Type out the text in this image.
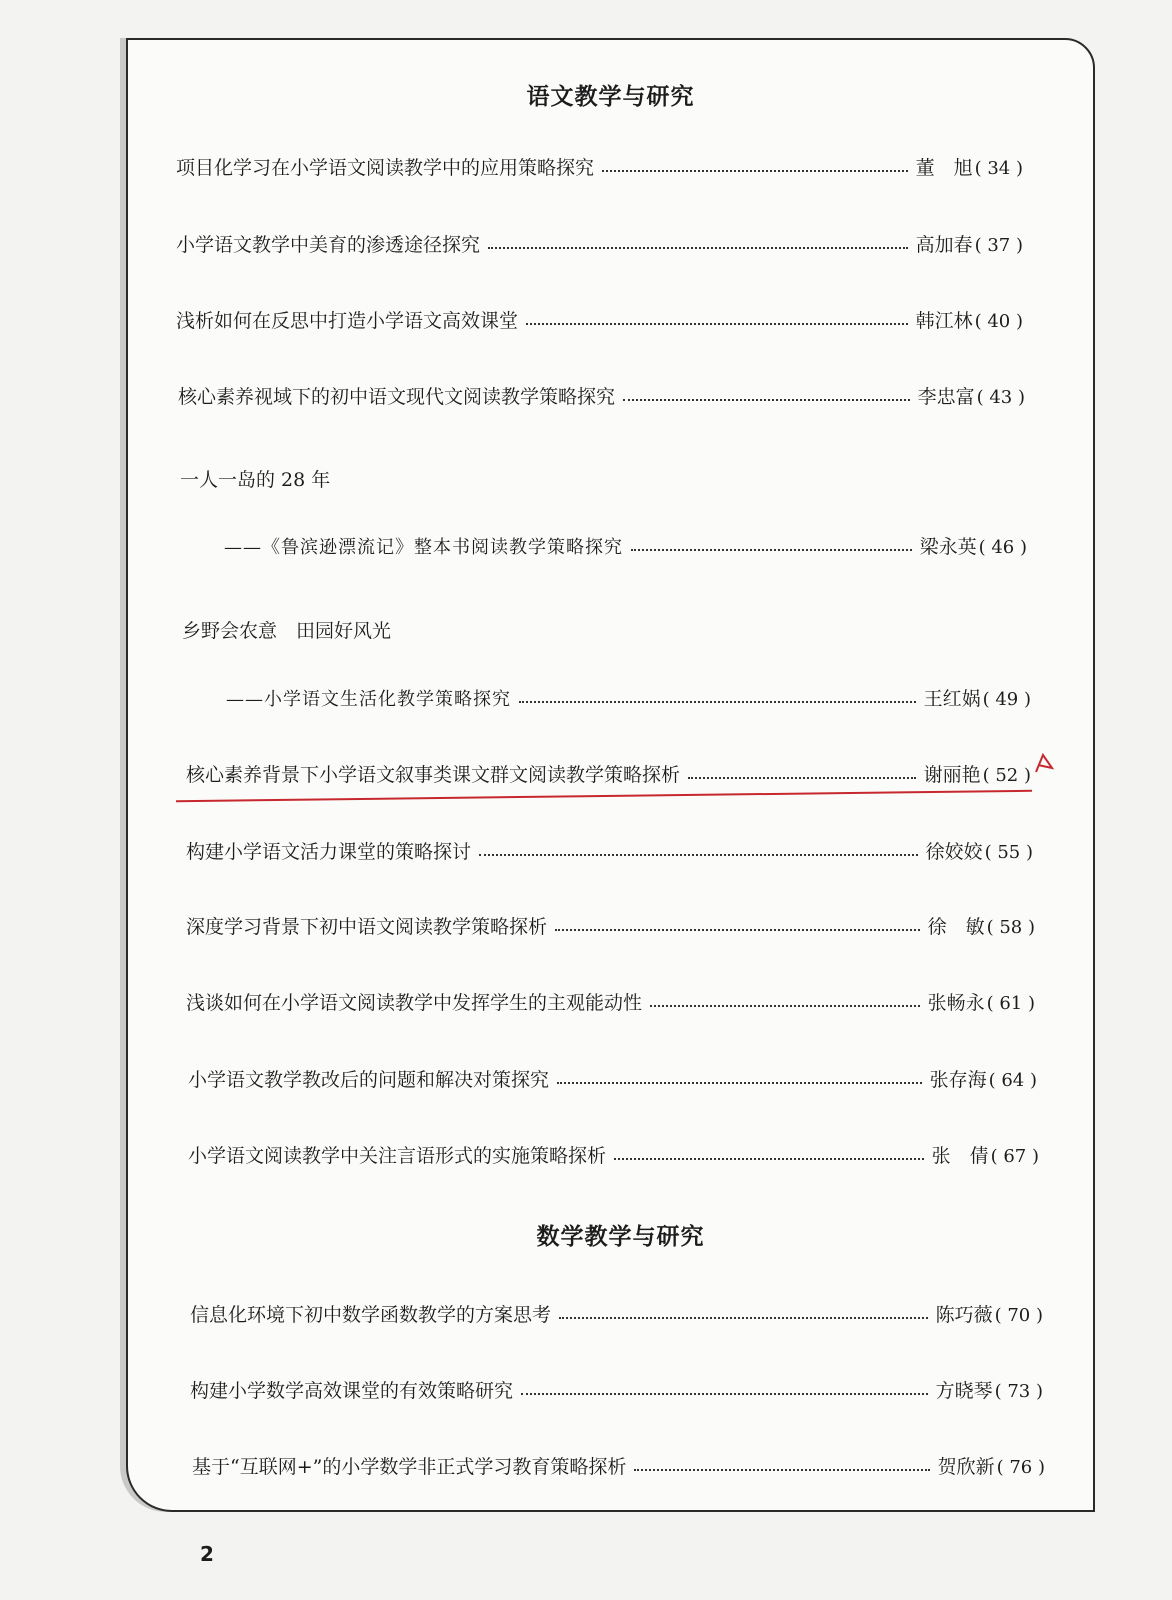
语文教学与研究
项目化学习在小学语文阅读教学中的应用策略探究	董　旭 ( 34 )
小学语文教学中美育的渗透途径探究	高加春 ( 37 )
浅析如何在反思中打造小学语文高效课堂	韩江林 ( 40 )
核心素养视域下的初中语文现代文阅读教学策略探究	李忠富 ( 43 )
一人一岛的 28 年
——《鲁滨逊漂流记》整本书阅读教学策略探究	梁永英 ( 46 )
乡野会农意　田园好风光
——小学语文生活化教学策略探究	王红娲 ( 49 )
核心素养背景下小学语文叙事类课文群文阅读教学策略探析	谢丽艳 ( 52 )
构建小学语文活力课堂的策略探讨	徐姣姣 ( 55 )
深度学习背景下初中语文阅读教学策略探析	徐　敏 ( 58 )
浅谈如何在小学语文阅读教学中发挥学生的主观能动性	张畅永 ( 61 )
小学语文教学教改后的问题和解决对策探究	张存海 ( 64 )
小学语文阅读教学中关注言语形式的实施策略探析	张　倩 ( 67 )
数学教学与研究
信息化环境下初中数学函数教学的方案思考	陈巧薇 ( 70 )
构建小学数学高效课堂的有效策略研究	方晓琴 ( 73 )
基于“互联网+”的小学数学非正式学习教育策略探析	贺欣新 ( 76 )
2
